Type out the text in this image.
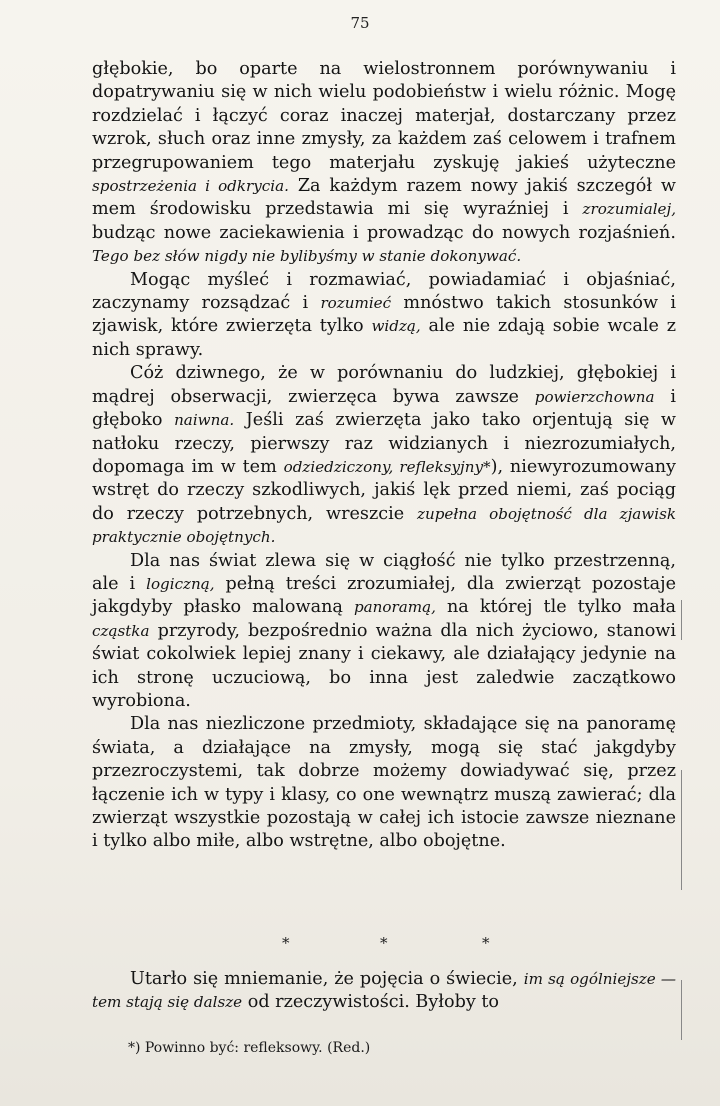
75

głębokie, bo oparte na wielostronnem porównywaniu i dopatrywaniu się w nich wielu podobieństw i wielu różnic. Mogę rozdzielać i łączyć coraz inaczej materjał, dostarczany przez wzrok, słuch oraz inne zmysły, za każdem zaś celowem i trafnem przegrupowaniem tego materjału zyskuję jakieś użyteczne spostrzeżenia i odkrycia. Za każdym razem nowy jakiś szczegół w mem środowisku przedstawia mi się wyraźniej i zrozumialej, budząc nowe zaciekawienia i prowadząc do nowych rozjaśnień. Tego bez słów nigdy nie bylibyśmy w stanie dokonywać.

Mogąc myśleć i rozmawiać, powiadamiać i objaśniać, zaczynamy rozsądzać i rozumieć mnóstwo takich stosunków i zjawisk, które zwierzęta tylko widzą, ale nie zdają sobie wcale z nich sprawy.

Cóż dziwnego, że w porównaniu do ludzkiej, głębokiej i mądrej obserwacji, zwierzęca bywa zawsze powierzchowna i głęboko naiwna. Jeśli zaś zwierzęta jako tako orjentują się w natłoku rzeczy, pierwszy raz widzianych i niezrozumiałych, dopomaga im w tem odziedziczony, refleksyjny*), niewyrozumowany wstręt do rzeczy szkodliwych, jakiś lęk przed niemi, zaś pociąg do rzeczy potrzebnych, wreszcie zupełna obojętność dla zjawisk praktycznie obojętnych.

Dla nas świat zlewa się w ciągłość nie tylko przestrzenną, ale i logiczną, pełną treści zrozumiałej, dla zwierząt pozostaje jakgdyby płasko malowaną panoramą, na której tle tylko mała cząstka przyrody, bezpośrednio ważna dla nich życiowo, stanowi świat cokolwiek lepiej znany i ciekawy, ale działający jedynie na ich stronę uczuciową, bo inna jest zaledwie zaczątkowo wyrobiona.

Dla nas niezliczone przedmioty, składające się na panoramę świata, a działające na zmysły, mogą się stać jakgdyby przezroczystemi, tak dobrze możemy dowiadywać się, przez łączenie ich w typy i klasy, co one wewnątrz muszą zawierać; dla zwierząt wszystkie pozostają w całej ich istocie zawsze nieznane i tylko albo miłe, albo wstrętne, albo obojętne.

*	*	*

Utarło się mniemanie, że pojęcia o świecie, im są ogólniejsze — tem stają się dalsze od rzeczywistości. Byłoby to

*) Powinno być: refleksowy. (Red.)
